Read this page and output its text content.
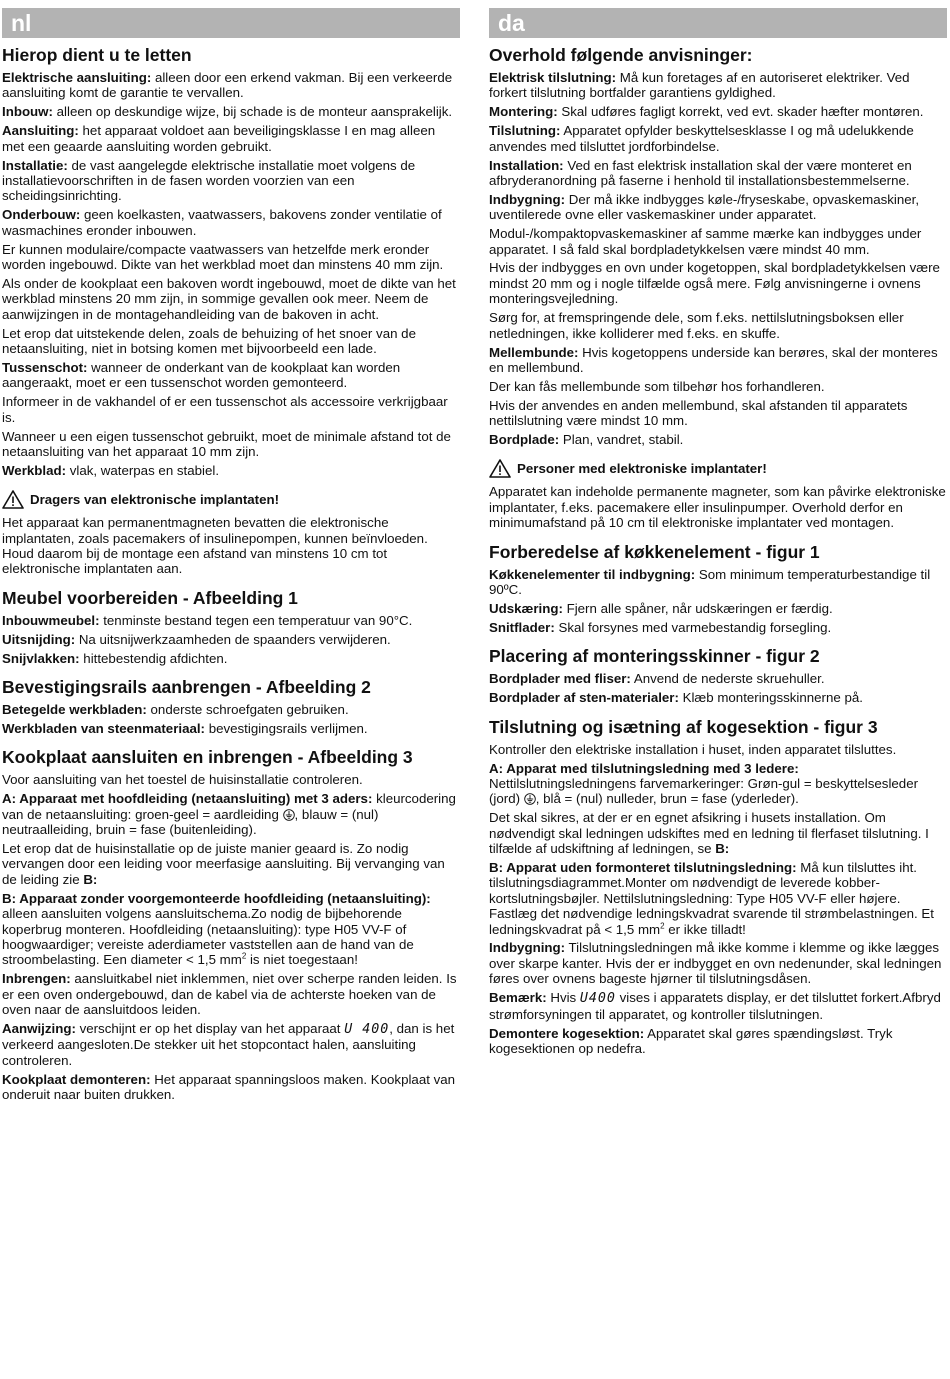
nl
Hierop dient u te letten

Elektrische aansluiting: alleen door een erkend vakman. Bij een verkeerde aansluiting komt de garantie te vervallen.

Inbouw: alleen op deskundige wijze, bij schade is de monteur aansprakelijk.

Aansluiting: het apparaat voldoet aan beveiligingsklasse I en mag alleen met een geaarde aansluiting worden gebruikt.

Installatie: de vast aangelegde elektrische installatie moet volgens de installatievoorschriften in de fasen worden voorzien van een scheidingsinrichting.

Onderbouw: geen koelkasten, vaatwassers, bakovens zonder ventilatie of wasmachines eronder inbouwen.

Er kunnen modulaire/compacte vaatwassers van hetzelfde merk eronder worden ingebouwd. Dikte van het werkblad moet dan minstens 40 mm zijn.

Als onder de kookplaat een bakoven wordt ingebouwd, moet de dikte van het werkblad minstens 20 mm zijn, in sommige gevallen ook meer. Neem de aanwijzingen in de montagehandleiding van de bakoven in acht.

Let erop dat uitstekende delen, zoals de behuizing of het snoer van de netaansluiting, niet in botsing komen met bijvoorbeeld een lade.

Tussenschot: wanneer de onderkant van de kookplaat kan worden aangeraakt, moet er een tussenschot worden gemonteerd.

Informeer in de vakhandel of er een tussenschot als accessoire verkrijgbaar is.

Wanneer u een eigen tussenschot gebruikt, moet de minimale afstand tot de netaansluiting van het apparaat 10 mm zijn.

Werkblad: vlak, waterpas en stabiel.

Dragers van elektronische implantaten!

Het apparaat kan permanentmagneten bevatten die elektronische implantaten, zoals pacemakers of insulinepompen, kunnen beïnvloeden. Houd daarom bij de montage een afstand van minstens 10 cm tot elektronische implantaten aan.

Meubel voorbereiden - Afbeelding 1

Inbouwmeubel: tenminste bestand tegen een temperatuur van 90°C.

Uitsnijding: Na uitsnijwerkzaamheden de spaanders verwijderen.

Snijvlakken: hittebestendig afdichten.

Bevestigingsrails aanbrengen - Afbeelding 2

Betegelde werkbladen: onderste schroefgaten gebruiken.

Werkbladen van steenmateriaal: bevestigingsrails verlijmen.

Kookplaat aansluiten en inbrengen - Afbeelding 3

Voor aansluiting van het toestel de huisinstallatie controleren.

A: Apparaat met hoofdleiding (netaansluiting) met 3 aders: kleurcodering van de netaansluiting: groen-geel = aardleiding , blauw = (nul) neutraalleiding, bruin = fase (buitenleiding).

Let erop dat de huisinstallatie op de juiste manier geaard is. Zo nodig vervangen door een leiding voor meerfasige aansluiting. Bij vervanging van de leiding zie B:

B: Apparaat zonder voorgemonteerde hoofdleiding (netaansluiting): alleen aansluiten volgens aansluitschema.Zo nodig de bijbehorende koperbrug monteren. Hoofdleiding (netaansluiting): type H05 VV-F of hoogwaardiger; vereiste aderdiameter vaststellen aan de hand van de stroombelasting. Een diameter < 1,5 $mm^2$ is niet toegestaan!

Inbrengen: aansluitkabel niet inklemmen, niet over scherpe randen leiden. Is er een oven ondergebouwd, dan de kabel via de achterste hoeken van de oven naar de aansluitdoos leiden.

Aanwijzing: verschijnt er op het display van het apparaat U 400, dan is het verkeerd aangesloten.De stekker uit het stopcontact halen, aansluiting controleren.

Kookplaat demonteren: Het apparaat spanningsloos maken. Kookplaat van onderuit naar buiten drukken.

da
Overhold følgende anvisninger:

Elektrisk tilslutning: Må kun foretages af en autoriseret elektriker. Ved forkert tilslutning bortfalder garantiens gyldighed.

Montering: Skal udføres fagligt korrekt, ved evt. skader hæfter montøren.

Tilslutning: Apparatet opfylder beskyttelsesklasse I og må udelukkende anvendes med tilsluttet jordforbindelse.

Installation: Ved en fast elektrisk installation skal der være monteret en afbryderanordning på faserne i henhold til installationsbestemmelserne.

Indbygning: Der må ikke indbygges køle-/fryseskabe, opvaskemaskiner, uventilerede ovne eller vaskemaskiner under apparatet.

Modul-/kompaktopvaskemaskiner af samme mærke kan indbygges under apparatet. I så fald skal bordpladetykkelsen være mindst 40 mm.

Hvis der indbygges en ovn under kogetoppen, skal bordpladetykkelsen være mindst 20 mm og i nogle tilfælde også mere. Følg anvisningerne i ovnens monteringsvejledning.

Sørg for, at fremspringende dele, som f.eks. nettilslutningsboksen eller netledningen, ikke kolliderer med f.eks. en skuffe.

Mellembunde: Hvis kogetoppens underside kan berøres, skal der monteres en mellembund.

Der kan fås mellembunde som tilbehør hos forhandleren.

Hvis der anvendes en anden mellembund, skal afstanden til apparatets nettilslutning være mindst 10 mm.

Bordplade: Plan, vandret, stabil.

Personer med elektroniske implantater!

Apparatet kan indeholde permanente magneter, som kan påvirke elektroniske implantater, f.eks. pacemakere eller insulinpumper. Overhold derfor en minimumafstand på 10 cm til elektroniske implantater ved montagen.

Forberedelse af køkkenelement - figur 1

Køkkenelementer til indbygning: Som minimum temperaturbestandige til 90ºC.

Udskæring: Fjern alle spåner, når udskæringen er færdig.

Snitflader: Skal forsynes med varmebestandig forsegling.

Placering af monteringsskinner - figur 2

Bordplader med fliser: Anvend de nederste skruehuller.

Bordplader af sten-materialer: Klæb monteringsskinnerne på.

Tilslutning og isætning af kogesektion - figur 3

Kontroller den elektriske installation i huset, inden apparatet tilsluttes.

A: Apparat med tilslutningsledning med 3 ledere: Nettilslutningsledningens farvemarkeringer: Grøn-gul = beskyttelsesleder (jord) , blå = (nul) nulleder, brun = fase (yderleder).

Det skal sikres, at der er en egnet afsikring i husets installation. Om nødvendigt skal ledningen udskiftes med en ledning til flerfaset tilslutning. I tilfælde af udskiftning af ledningen, se B:

B: Apparat uden formonteret tilslutningsledning: Må kun tilsluttes iht. tilslutningsdiagrammet.Monter om nødvendigt de leverede kobber-kortslutningsbøjler. Nettilslutningsledning: Type H05 VV-F eller højere. Fastlæg det nødvendige ledningskvadrat svarende til strømbelastningen. Et ledningskvadrat på < 1,5 $mm^2$ er ikke tilladt!

Indbygning: Tilslutningsledningen må ikke komme i klemme og ikke lægges over skarpe kanter. Hvis der er indbygget en ovn nedenunder, skal ledningen føres over ovnens bageste hjørner til tilslutningsdåsen.

Bemærk: Hvis U400 vises i apparatets display, er det tilsluttet forkert.Afbryd strømforsyningen til apparatet, og kontroller tilslutningen.

Demontere kogesektion: Apparatet skal gøres spændingsløst. Tryk kogesektionen op nedefra.
